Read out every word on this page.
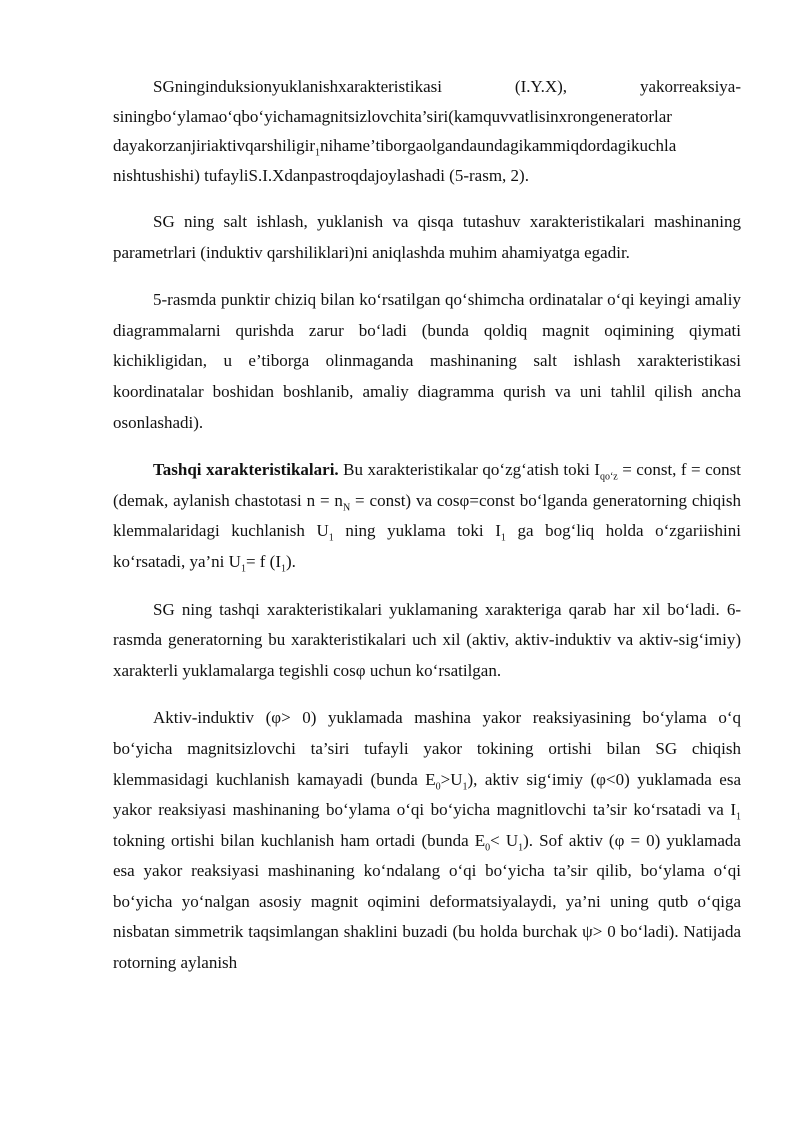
SGninginduksionyuklanishxarakteristikasi (I.Y.X), yakorreaksiya-siningbo‘ylamao‘qbo‘yichamagnitsizlovchita’siri(kamquvvatlisinxrongeneratorlar dayakorzanjiriaktivqarshiligir$_1$nihame’tiborgaolgandaundagikammiqdordagikuchla nishtushishi) tufayliS.I.Xdanpastroqdajoylashadi (5-rasm, 2).

SG ning salt ishlash, yuklanish va qisqa tutashuv xarakteristikalari mashinaning parametrlari (induktiv qarshiliklari)ni aniqlashda muhim ahamiyatga egadir.

5-rasmda punktir chiziq bilan ko‘rsatilgan qo‘shimcha ordinatalar o‘qi keyingi amaliy diagrammalarni qurishda zarur bo‘ladi (bunda qoldiq magnit oqimining qiymati kichikligidan, u e’tiborga olinmaganda mashinaning salt ishlash xarakteristikasi koordinatalar boshidan boshlanib, amaliy diagramma qurish va uni tahlil qilish ancha osonlashadi).

Tashqi xarakteristikalari. Bu xarakteristikalar qo‘zg‘atish toki $I_{qo‘z}$ = const, f = const (demak, aylanish chastotasi $n = n_N$ = const) va cosφ=const bo‘lganda generatorning chiqish klemmalaridagi kuchlanish $U_1$ ning yuklama toki $I_1$ ga bog‘liq holda o‘zgariishini ko‘rsatadi, ya’ni $U_1= f$ $(I_1)$.

SG ning tashqi xarakteristikalari yuklamaning xarakteriga qarab har xil bo‘ladi. 6-rasmda generatorning bu xarakteristikalari uch xil (aktiv, aktiv-induktiv va aktiv-sig‘imiy) xarakterli yuklamalarga tegishli cosφ uchun ko‘rsatilgan.

Aktiv-induktiv (φ> 0) yuklamada mashina yakor reaksiyasining bo‘ylama o‘q bo‘yicha magnitsizlovchi ta’siri tufayli yakor tokining ortishi bilan SG chiqish klemmasidagi kuchlanish kamayadi (bunda $E_0>U_1$), aktiv sig‘imiy (φ<0) yuklamada esa yakor reaksiyasi mashinaning bo‘ylama o‘qi bo‘yicha magnitlovchi ta’sir ko‘rsatadi va $I_1$ tokning ortishi bilan kuchlanish ham ortadi (bunda $E_0< U_1$). Sof aktiv (φ = 0) yuklamada esa yakor reaksiyasi mashinaning ko‘ndalang o‘qi bo‘yicha ta’sir qilib, bo‘ylama o‘qi bo‘yicha yo‘nalgan asosiy magnit oqimini deformatsiyalaydi, ya’ni uning qutb o‘qiga nisbatan simmetrik taqsimlangan shaklini buzadi (bu holda burchak ψ> 0 bo‘ladi). Natijada rotorning aylanish
